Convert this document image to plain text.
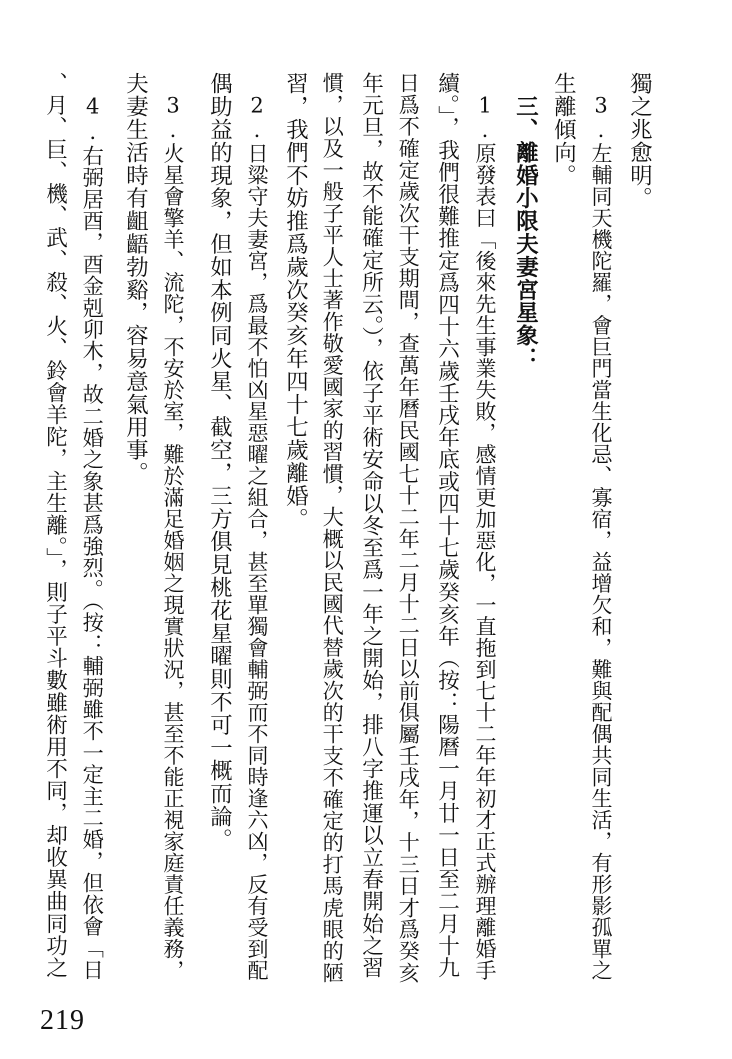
獨之兆愈明。
　3.左輔同天機陀羅，會巨門當生化忌、寡宿，益增欠和，難與配偶共同生活，有形影孤單之
生離傾向。
　三、離婚小限夫妻宮星象：
　1.原發表曰「後來先生事業失敗，感情更加惡化，一直拖到七十二年年初才正式辦理離婚手
續。」，我們很難推定爲四十六歲壬戌年底或四十七歲癸亥年（按：陽曆一月廿一日至二月十九
日爲不確定歲次干支期間，查萬年曆民國七十二年二月十二日以前俱屬壬戌年，十三日才爲癸亥
年元旦，故不能確定所云。），依子平術安命以冬至爲一年之開始，排八字推運以立春開始之習
慣，以及一般子平人士著作敬愛國家的習慣，大概以民國代替歲次的干支不確定的打馬虎眼的陋
習，我們不妨推爲歲次癸亥年四十七歲離婚。
　2.日粱守夫妻宮，爲最不怕凶星惡曜之組合，甚至單獨會輔弼而不同時逢六凶，反有受到配
偶助益的現象，但如本例同火星、截空，三方俱見桃花星曜則不可一概而論。
　3.火星會擎羊、流陀，不安於室，難於滿足婚姻之現實狀況，甚至不能正視家庭責任義務，
夫妻生活時有齟齬勃谿，容易意氣用事。
　4.右弼居酉，酉金剋卯木，故二婚之象甚爲強烈。（按：輔弼雖不一定主二婚，但依會「日
、月、巨、機、武、殺、火、鈴會羊陀，主生離。」，則子平斗數雖術用不同，却收異曲同功之
219
